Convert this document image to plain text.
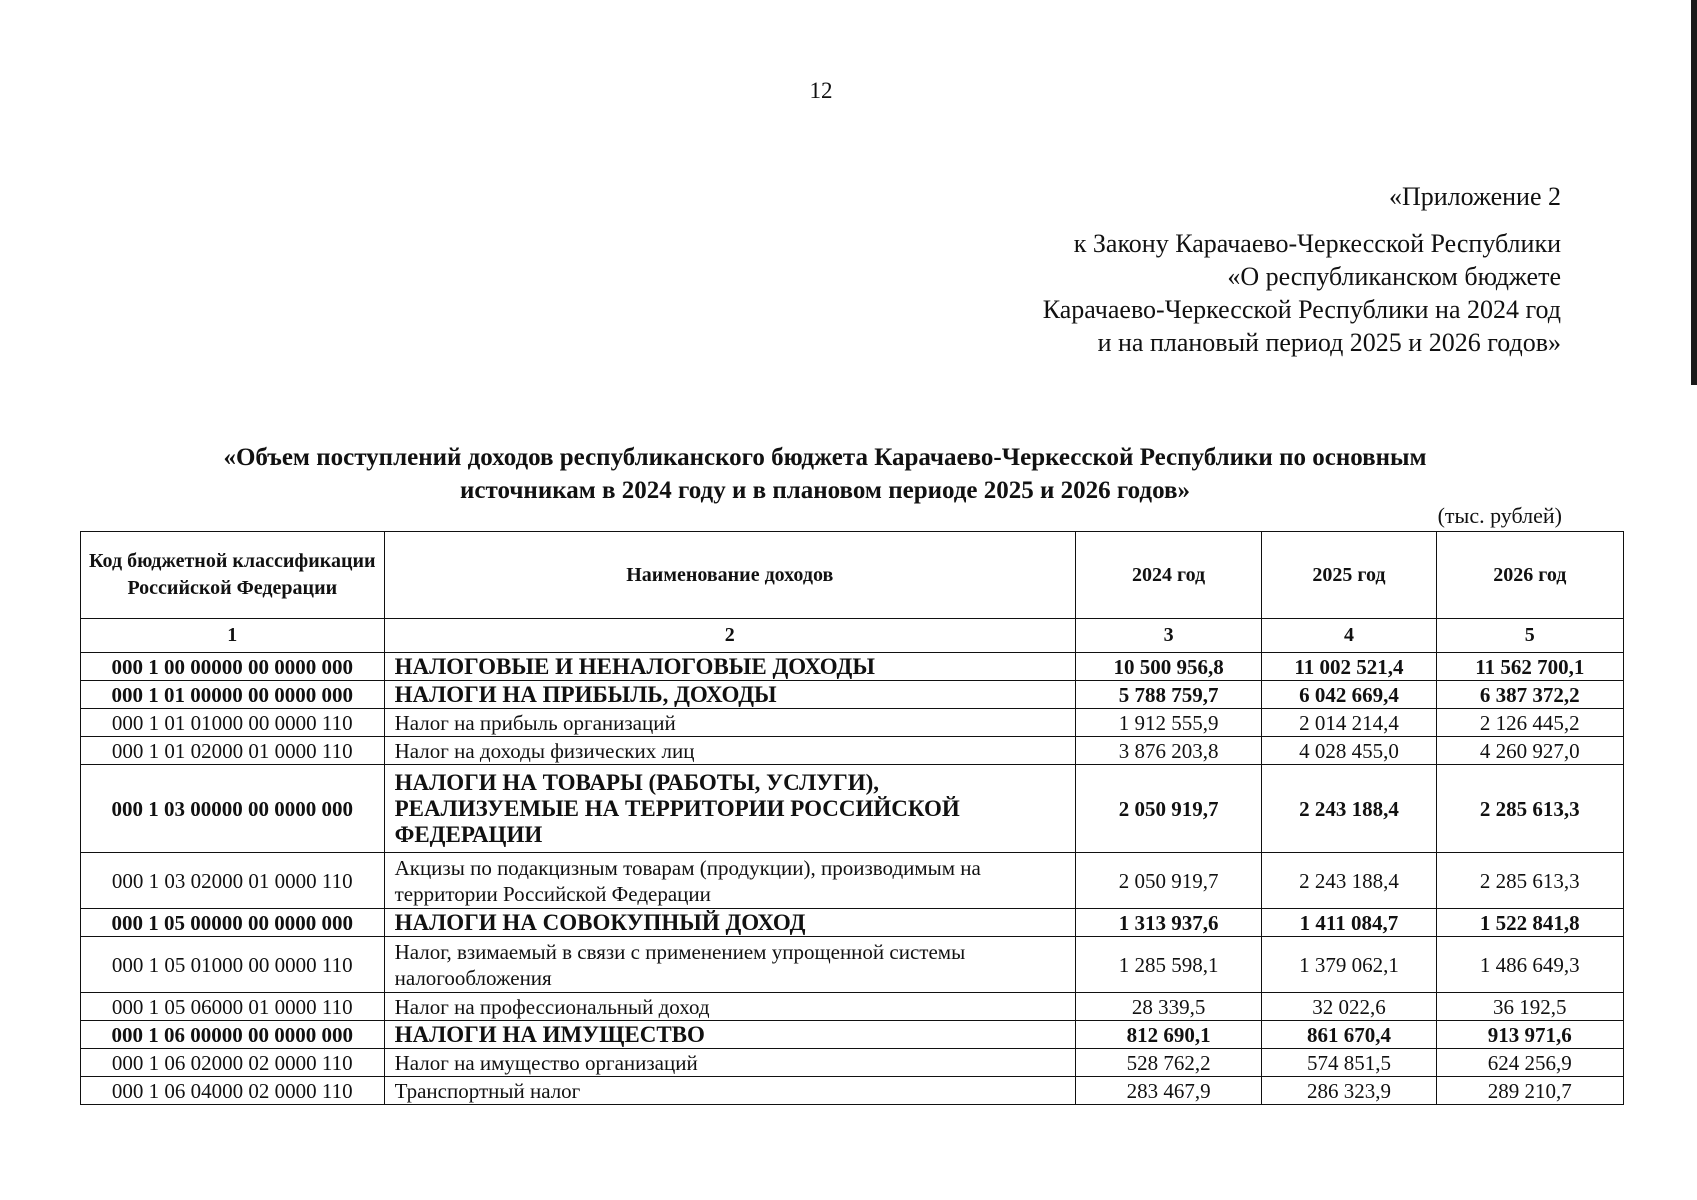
12
«Приложение 2
к Закону Карачаево-Черкесской Республики
«О республиканском бюджете
Карачаево-Черкесской Республики на 2024 год
и на плановый период 2025 и 2026 годов»
«Объем поступлений доходов республиканского бюджета Карачаево-Черкесской Республики по основным
источникам в 2024 году и в плановом периоде 2025 и 2026 годов»
(тыс. рублей)
Код бюджетной классификации Российской Федерации	Наименование доходов	2024 год	2025 год	2026 год
1	2	3	4	5
000 1 00 00000 00 0000 000	НАЛОГОВЫЕ И НЕНАЛОГОВЫЕ ДОХОДЫ	10 500 956,8	11 002 521,4	11 562 700,1
000 1 01 00000 00 0000 000	НАЛОГИ НА ПРИБЫЛЬ, ДОХОДЫ	5 788 759,7	6 042 669,4	6 387 372,2
000 1 01 01000 00 0000 110	Налог на прибыль организаций	1 912 555,9	2 014 214,4	2 126 445,2
000 1 01 02000 01 0000 110	Налог на доходы физических лиц	3 876 203,8	4 028 455,0	4 260 927,0
000 1 03 00000 00 0000 000	НАЛОГИ НА ТОВАРЫ (РАБОТЫ, УСЛУГИ), РЕАЛИЗУЕМЫЕ НА ТЕРРИТОРИИ РОССИЙСКОЙ ФЕДЕРАЦИИ	2 050 919,7	2 243 188,4	2 285 613,3
000 1 03 02000 01 0000 110	Акцизы по подакцизным товарам (продукции), производимым на территории Российской Федерации	2 050 919,7	2 243 188,4	2 285 613,3
000 1 05 00000 00 0000 000	НАЛОГИ НА СОВОКУПНЫЙ ДОХОД	1 313 937,6	1 411 084,7	1 522 841,8
000 1 05 01000 00 0000 110	Налог, взимаемый в связи с применением упрощенной системы налогообложения	1 285 598,1	1 379 062,1	1 486 649,3
000 1 05 06000 01 0000 110	Налог на профессиональный доход	28 339,5	32 022,6	36 192,5
000 1 06 00000 00 0000 000	НАЛОГИ НА ИМУЩЕСТВО	812 690,1	861 670,4	913 971,6
000 1 06 02000 02 0000 110	Налог на имущество организаций	528 762,2	574 851,5	624 256,9
000 1 06 04000 02 0000 110	Транспортный налог	283 467,9	286 323,9	289 210,7
